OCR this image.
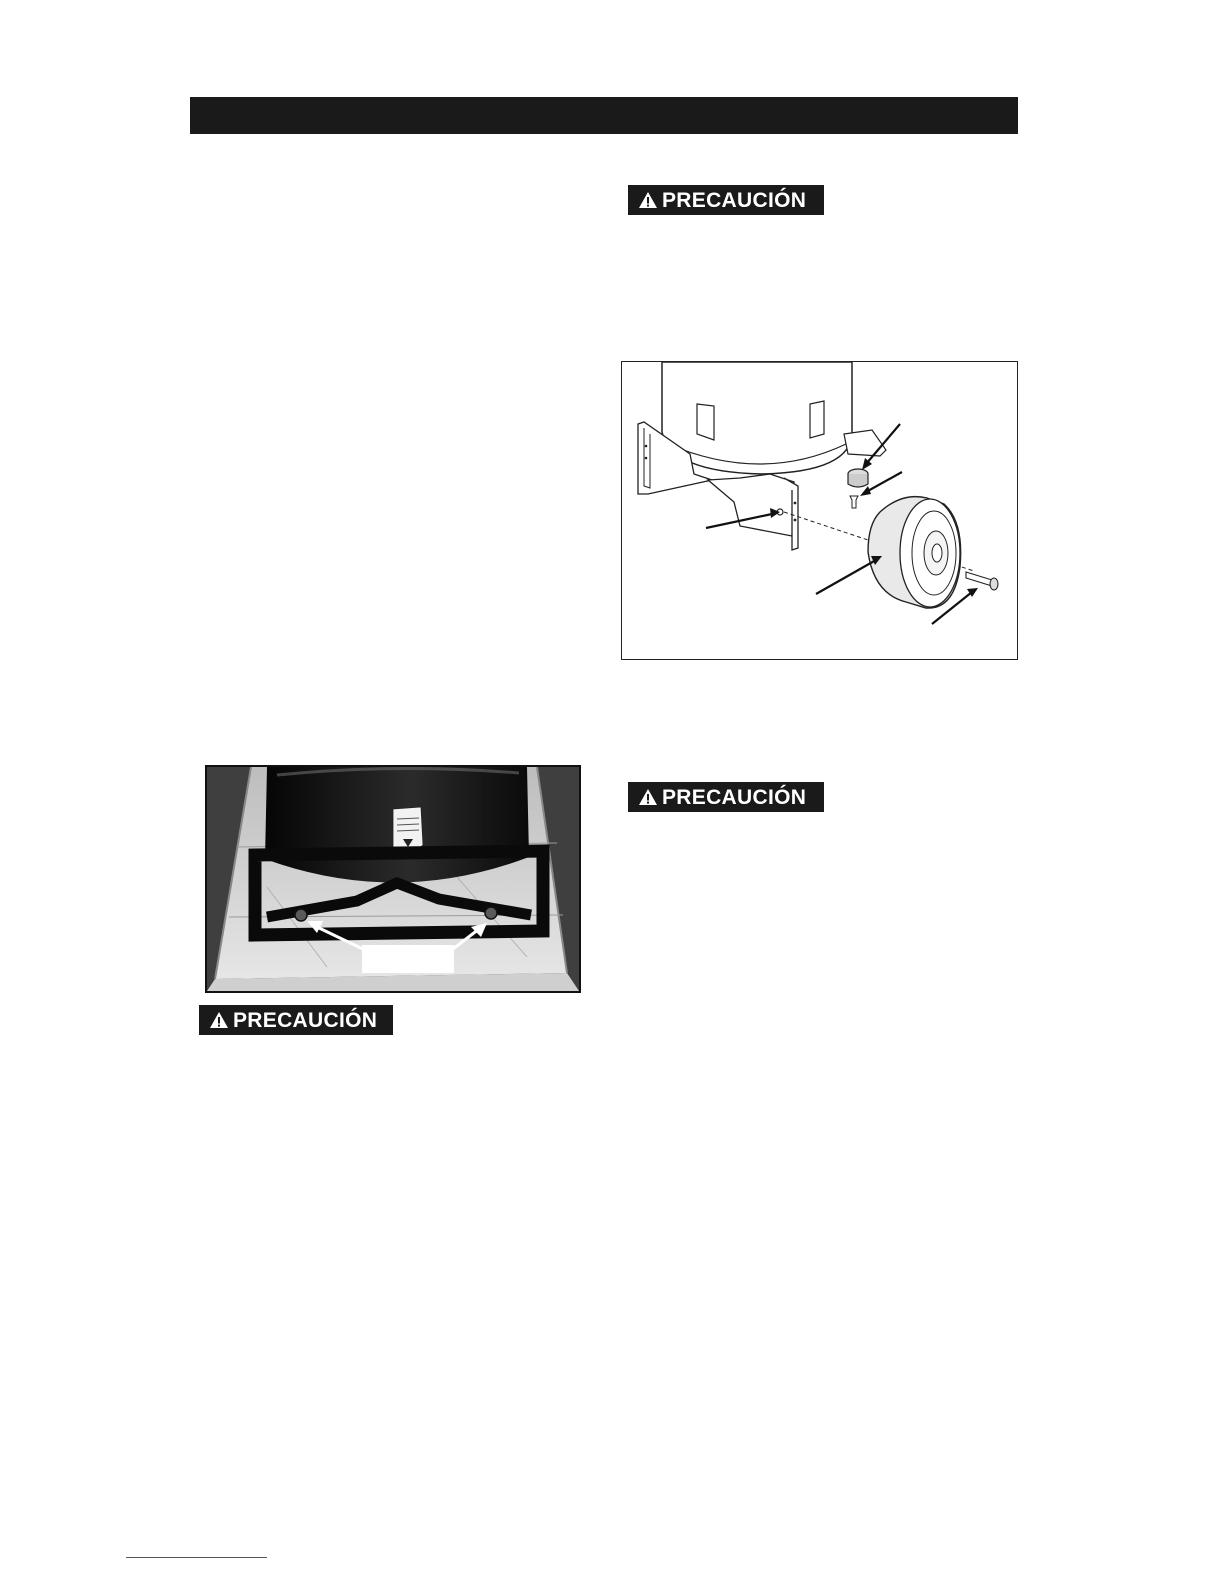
PRECAUCIÓN
PRECAUCIÓN
PRECAUCIÓN
